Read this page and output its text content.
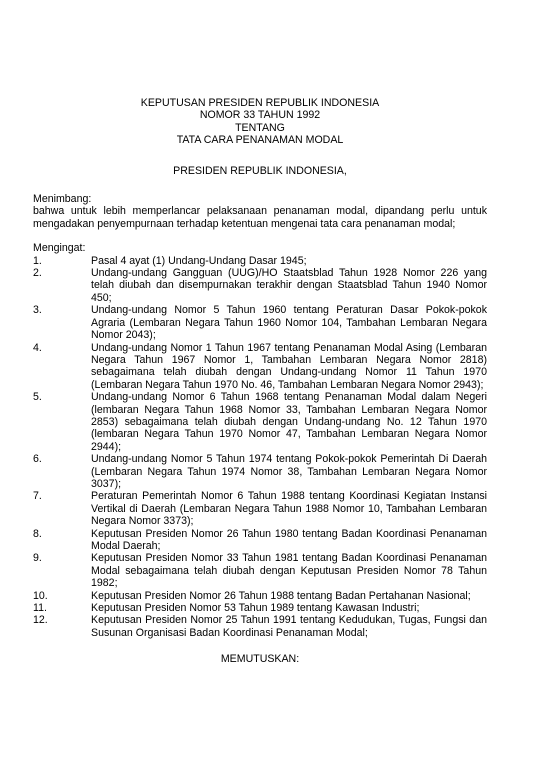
KEPUTUSAN PRESIDEN REPUBLIK INDONESIA
NOMOR 33 TAHUN 1992
TENTANG
TATA CARA PENANAMAN MODAL
PRESIDEN REPUBLIK INDONESIA,
Menimbang:
bahwa untuk lebih memperlancar pelaksanaan penanaman modal, dipandang perlu untuk mengadakan penyempurnaan terhadap ketentuan mengenai tata cara penanaman modal;
Mengingat:
1.	Pasal 4 ayat (1) Undang-Undang Dasar 1945;
2.	Undang-undang Gangguan (UUG)/HO Staatsblad Tahun 1928 Nomor 226 yang telah diubah dan disempurnakan terakhir dengan Staatsblad Tahun 1940 Nomor 450;
3.	Undang-undang Nomor 5 Tahun 1960 tentang Peraturan Dasar Pokok-pokok Agraria (Lembaran Negara Tahun 1960 Nomor 104, Tambahan Lembaran Negara Nomor 2043);
4.	Undang-undang Nomor 1 Tahun 1967 tentang Penanaman Modal Asing (Lembaran Negara Tahun 1967 Nomor 1, Tambahan Lembaran Negara Nomor 2818) sebagaimana telah diubah dengan Undang-undang Nomor 11 Tahun 1970 (Lembaran Negara Tahun 1970 No. 46, Tambahan Lembaran Negara Nomor 2943);
5.	Undang-undang Nomor 6 Tahun 1968 tentang Penanaman Modal dalam Negeri (lembaran Negara Tahun 1968 Nomor 33, Tambahan Lembaran Negara Nomor 2853) sebagaimana telah diubah dengan Undang-undang No. 12 Tahun 1970 (lembaran Negara Tahun 1970 Nomor 47, Tambahan Lembaran Negara Nomor 2944);
6.	Undang-undang Nomor 5 Tahun 1974 tentang Pokok-pokok Pemerintah Di Daerah (Lembaran Negara Tahun 1974 Nomor 38, Tambahan Lembaran Negara Nomor 3037);
7.	Peraturan Pemerintah Nomor 6 Tahun 1988 tentang Koordinasi Kegiatan Instansi Vertikal di Daerah (Lembaran Negara Tahun 1988 Nomor 10, Tambahan Lembaran Negara Nomor 3373);
8.	Keputusan Presiden Nomor 26 Tahun 1980 tentang Badan Koordinasi Penanaman Modal Daerah;
9.	Keputusan Presiden Nomor 33 Tahun 1981 tentang Badan Koordinasi Penanaman Modal sebagaimana telah diubah dengan Keputusan Presiden Nomor 78 Tahun 1982;
10.	Keputusan Presiden Nomor 26 Tahun 1988 tentang Badan Pertahanan Nasional;
11.	Keputusan Presiden Nomor 53 Tahun 1989 tentang Kawasan Industri;
12.	Keputusan Presiden Nomor 25 Tahun 1991 tentang Kedudukan, Tugas, Fungsi dan Susunan Organisasi Badan Koordinasi Penanaman Modal;
MEMUTUSKAN:
